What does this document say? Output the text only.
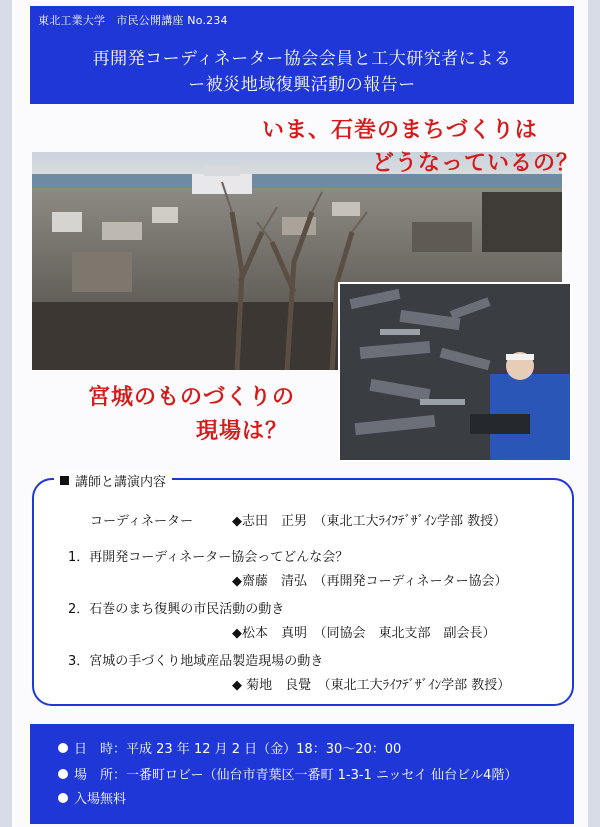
東北工業大学　市民公開講座 No.234
再開発コーディネーター協会会員と工大研究者による
ー被災地域復興活動の報告ー
いま、石巻のまちづくりは
どうなっているの？
宮城のものづくりの
現場は？
講師と講演内容
コーディネーター	◆志田　正男　（東北工大ﾗｲﾌﾃﾞｻﾞｲﾝ学部 教授）
1．再開発コーディネーター協会ってどんな会？
◆齋藤　清弘　（再開発コーディネーター協会）
2．石巻のまち復興の市民活動の動き
◆松本　真明　（同協会　東北支部　副会長）
3．宮城の手づくり地域産品製造現場の動き
◆ 菊地　良覺　（東北工大ﾗｲﾌﾃﾞｻﾞｲﾝ学部 教授）
日　時：平成 23 年 12 月 2 日（金）18：30〜20：00
場　所：一番町ロビー（仙台市青葉区一番町 1-3-1 ニッセイ 仙台ビル4階）
入場無料
